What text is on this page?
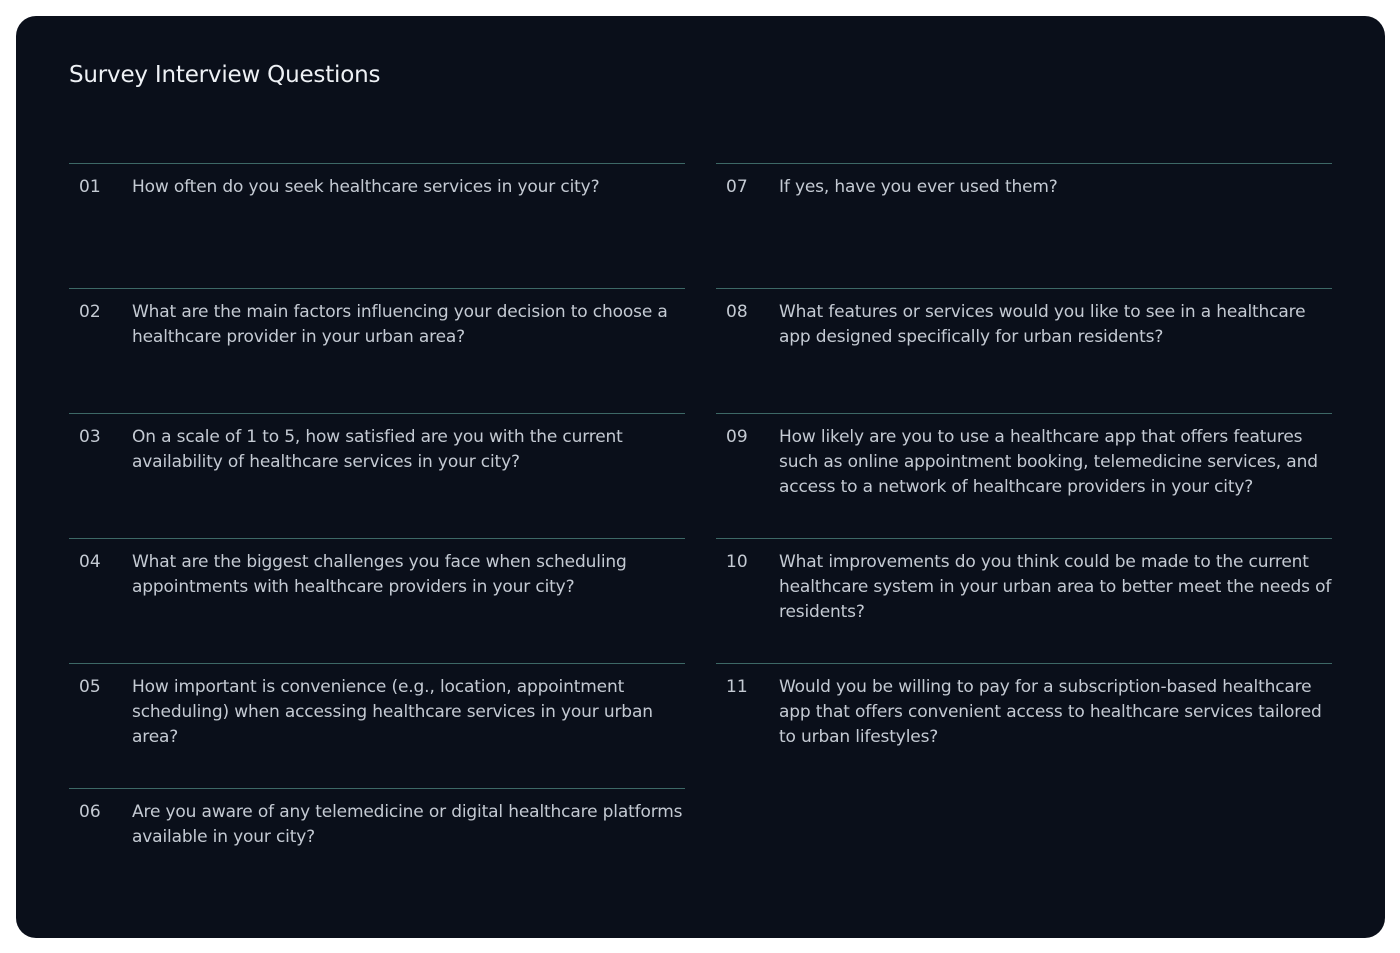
Survey Interview Questions
01	How often do you seek healthcare services in your city?

02	What are the main factors influencing your decision to choose a healthcare provider in your urban area?

03	On a scale of 1 to 5, how satisfied are you with the current availability of healthcare services in your city?

04	What are the biggest challenges you face when scheduling appointments with healthcare providers in your city?

05	How important is convenience (e.g., location, appointment scheduling) when accessing healthcare services in your urban area?

06	Are you aware of any telemedicine or digital healthcare platforms available in your city?

07	If yes, have you ever used them?

08	What features or services would you like to see in a healthcare app designed specifically for urban residents?

09	How likely are you to use a healthcare app that offers features such as online appointment booking, telemedicine services, and access to a network of healthcare providers in your city?

10	What improvements do you think could be made to the current healthcare system in your urban area to better meet the needs of residents?

11	Would you be willing to pay for a subscription-based healthcare app that offers convenient access to healthcare services tailored to urban lifestyles?
